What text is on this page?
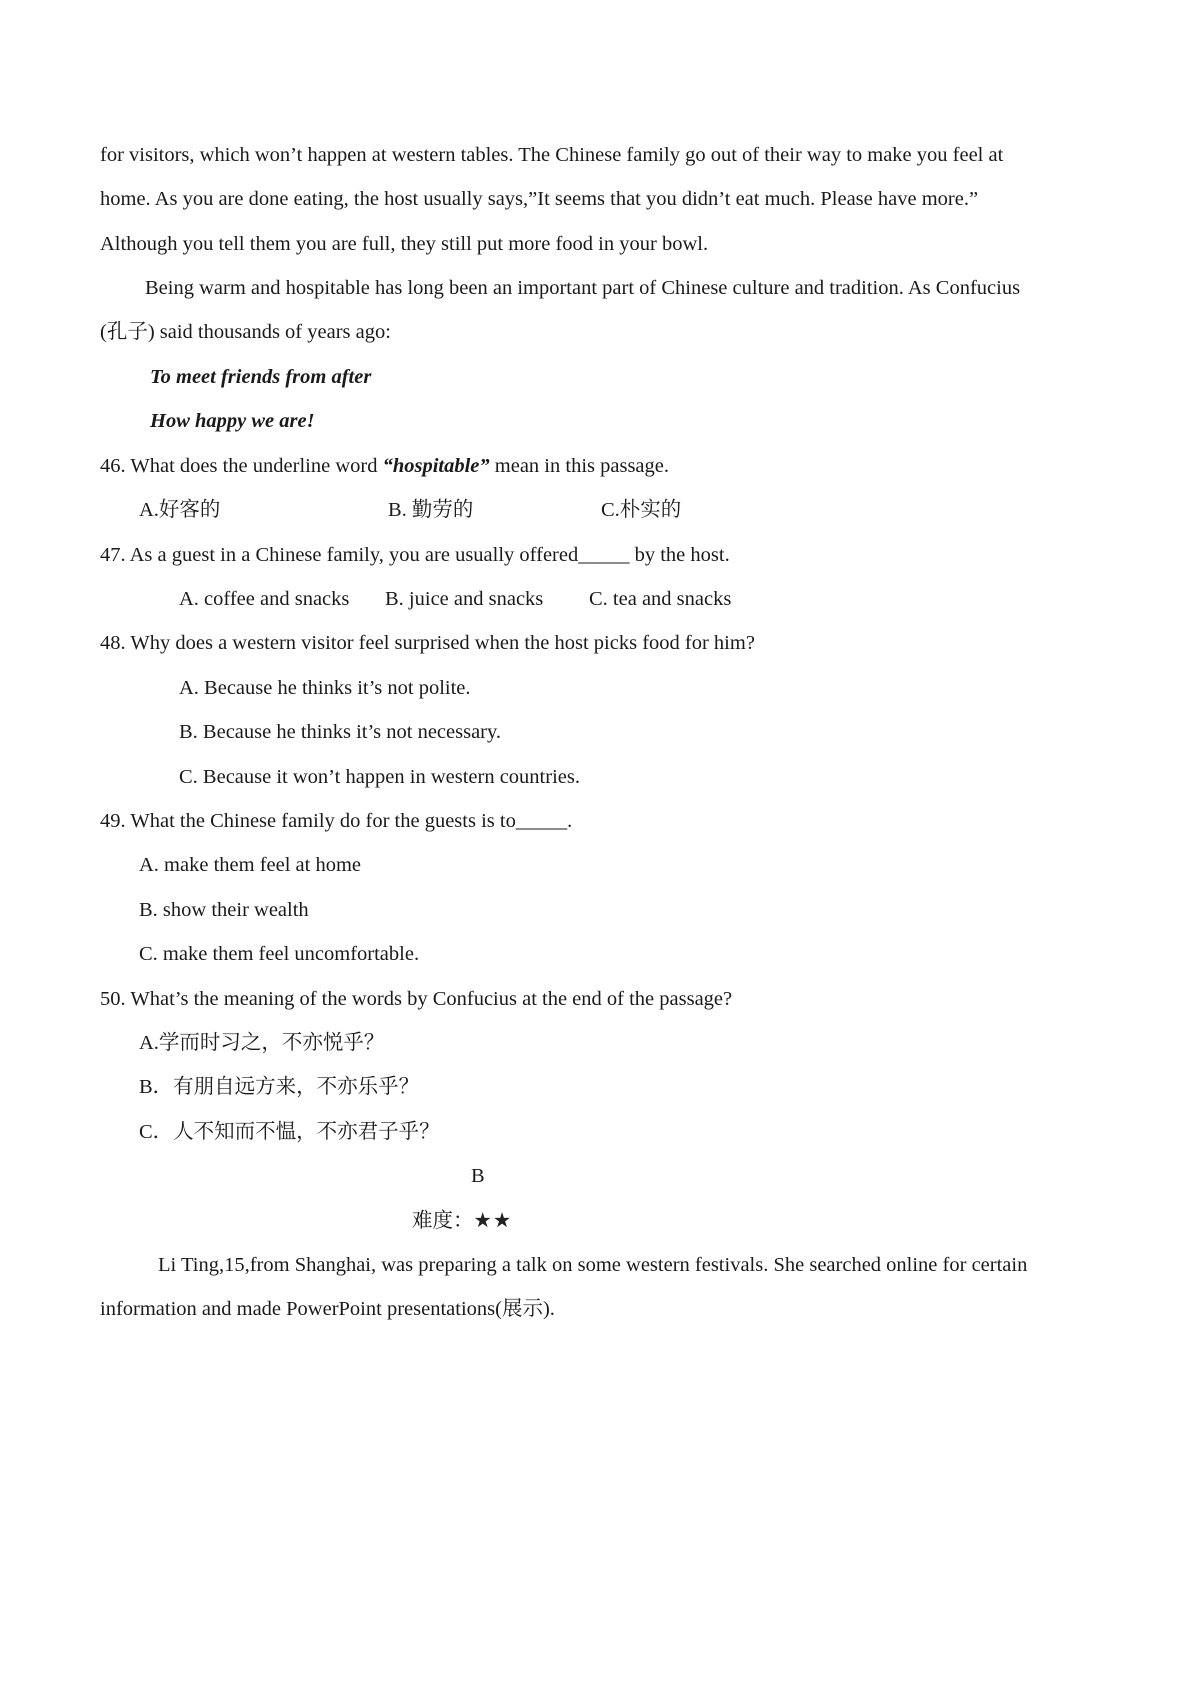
for visitors, which won’t happen at western tables. The Chinese family go out of their way to make you feel at
home. As you are done eating, the host usually says,”It seems that you didn’t eat much. Please have more.”
Although you tell them you are full, they still put more food in your bowl.
Being warm and hospitable has long been an important part of Chinese culture and tradition. As Confucius
(孔子) said thousands of years ago:
To meet friends from after
How happy we are!
46. What does the underline word “hospitable” mean in this passage.
A.好客的	B. 勤劳的	C.朴实的
47. As a guest in a Chinese family, you are usually offered_____ by the host.
A. coffee and snacks B. juice and snacks C. tea and snacks
48. Why does a western visitor feel surprised when the host picks food for him?
A. Because he thinks it’s not polite.
B. Because he thinks it’s not necessary.
C. Because it won’t happen in western countries.
49. What the Chinese family do for the guests is to_____.
A. make them feel at home
B. show their wealth
C. make them feel uncomfortable.
50. What’s the meaning of the words by Confucius at the end of the passage?
A.学而时习之，不亦悦乎？
B．有朋自远方来，不亦乐乎？
C．人不知而不愠，不亦君子乎？
B
难度：★★
Li Ting,15,from Shanghai, was preparing a talk on some western festivals. She searched online for certain
information and made PowerPoint presentations(展示).
